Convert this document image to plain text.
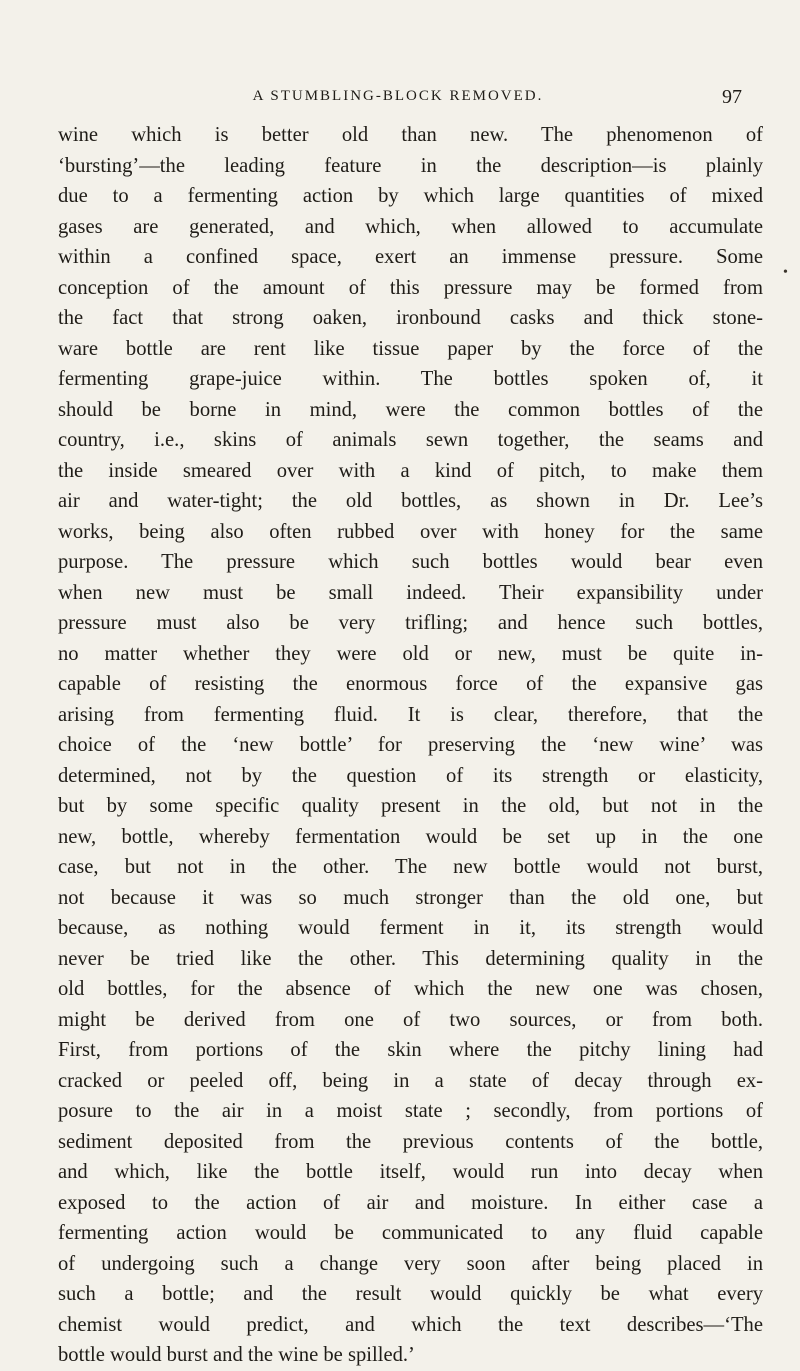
A STUMBLING-BLOCK REMOVED.	97
•
wine which is better old than new. The phenomenon of
‘bursting’—the leading feature in the description—is plainly
due to a fermenting action by which large quantities of mixed
gases are generated, and which, when allowed to accumulate
within a confined space, exert an immense pressure. Some
conception of the amount of this pressure may be formed from
the fact that strong oaken, ironbound casks and thick stone-
ware bottle are rent like tissue paper by the force of the
fermenting grape-juice within. The bottles spoken of, it
should be borne in mind, were the common bottles of the
country, i.e., skins of animals sewn together, the seams and
the inside smeared over with a kind of pitch, to make them
air and water-tight; the old bottles, as shown in Dr. Lee’s
works, being also often rubbed over with honey for the same
purpose. The pressure which such bottles would bear even
when new must be small indeed. Their expansibility under
pressure must also be very trifling; and hence such bottles,
no matter whether they were old or new, must be quite in-
capable of resisting the enormous force of the expansive gas
arising from fermenting fluid. It is clear, therefore, that the
choice of the ‘new bottle’ for preserving the ‘new wine’ was
determined, not by the question of its strength or elasticity,
but by some specific quality present in the old, but not in the
new, bottle, whereby fermentation would be set up in the one
case, but not in the other. The new bottle would not burst,
not because it was so much stronger than the old one, but
because, as nothing would ferment in it, its strength would
never be tried like the other. This determining quality in the
old bottles, for the absence of which the new one was chosen,
might be derived from one of two sources, or from both.
First, from portions of the skin where the pitchy lining had
cracked or peeled off, being in a state of decay through ex-
posure to the air in a moist state ; secondly, from portions of
sediment deposited from the previous contents of the bottle,
and which, like the bottle itself, would run into decay when
exposed to the action of air and moisture. In either case a
fermenting action would be communicated to any fluid capable
of undergoing such a change very soon after being placed in
such a bottle; and the result would quickly be what every
chemist would predict, and which the text describes—‘The
bottle would burst and the wine be spilled.’
